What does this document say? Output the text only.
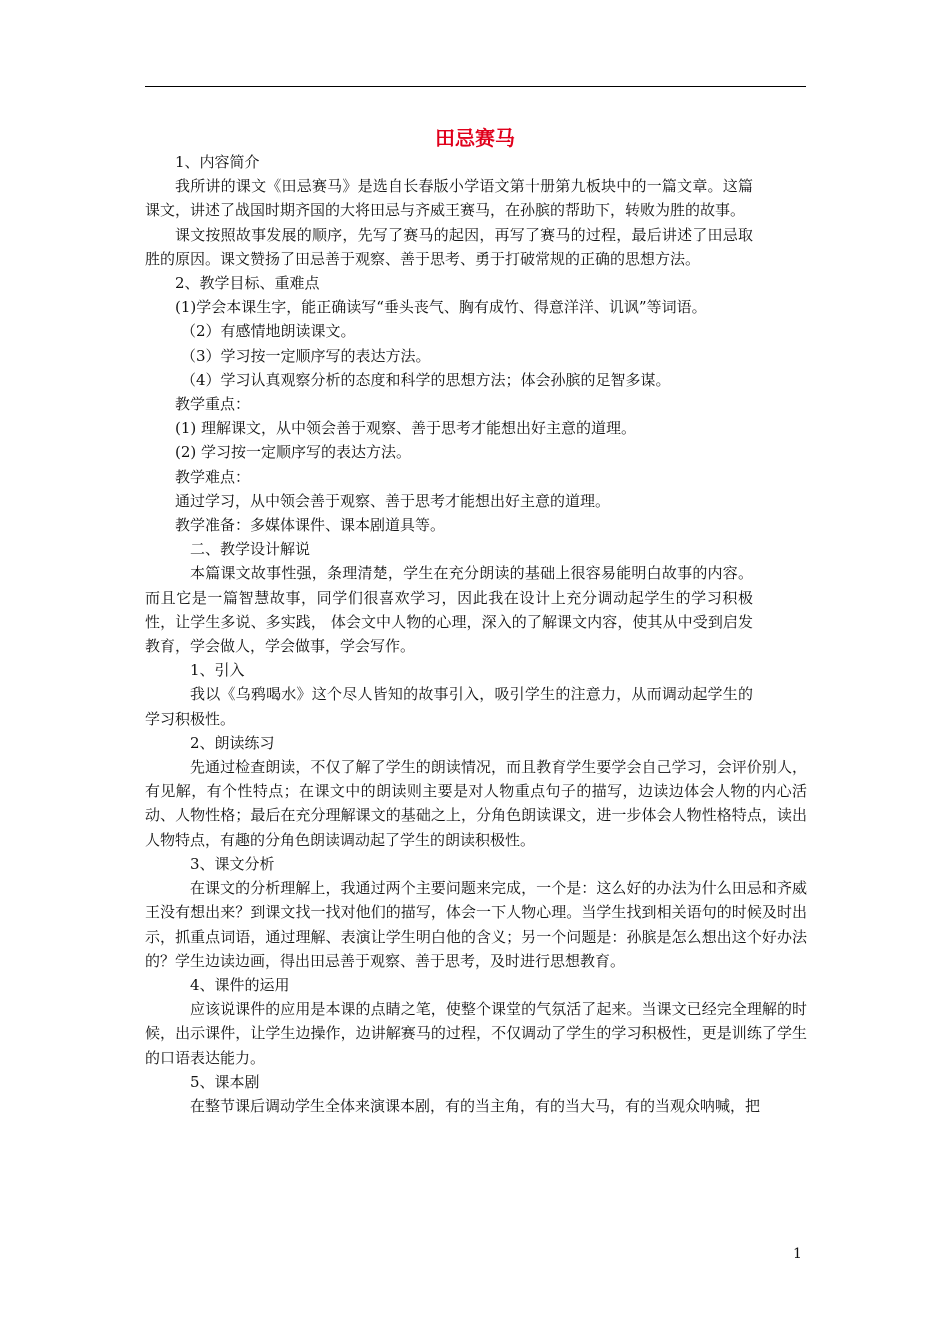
田忌赛马

1、内容简介

我所讲的课文《田忌赛马》是选自长春版小学语文第十册第九板块中的一篇文章。这篇课文，讲述了战国时期齐国的大将田忌与齐威王赛马，在孙膑的帮助下，转败为胜的故事。

课文按照故事发展的顺序，先写了赛马的起因，再写了赛马的过程，最后讲述了田忌取胜的原因。课文赞扬了田忌善于观察、善于思考、勇于打破常规的正确的思想方法。

2、教学目标、重难点

(1)学会本课生字，能正确读写“垂头丧气、胸有成竹、得意洋洋、讥讽”等词语。

（2）有感情地朗读课文。

（3）学习按一定顺序写的表达方法。

（4）学习认真观察分析的态度和科学的思想方法；体会孙膑的足智多谋。

教学重点：

(1) 理解课文，从中领会善于观察、善于思考才能想出好主意的道理。

(2) 学习按一定顺序写的表达方法。

教学难点：

通过学习，从中领会善于观察、善于思考才能想出好主意的道理。

教学准备：多媒体课件、课本剧道具等。

二、教学设计解说

本篇课文故事性强，条理清楚，学生在充分朗读的基础上很容易能明白故事的内容。而且它是一篇智慧故事，同学们很喜欢学习，因此我在设计上充分调动起学生的学习积极性，让学生多说、多实践， 体会文中人物的心理，深入的了解课文内容，使其从中受到启发教育，学会做人，学会做事，学会写作。

1、引入

我以《乌鸦喝水》这个尽人皆知的故事引入，吸引学生的注意力，从而调动起学生的学习积极性。

2、朗读练习

先通过检查朗读，不仅了解了学生的朗读情况，而且教育学生要学会自己学习，会评价别人，有见解，有个性特点；在课文中的朗读则主要是对人物重点句子的描写，边读边体会人物的内心活动、人物性格；最后在充分理解课文的基础之上，分角色朗读课文，进一步体会人物性格特点，读出人物特点，有趣的分角色朗读调动起了学生的朗读积极性。

3、课文分析

在课文的分析理解上，我通过两个主要问题来完成，一个是：这么好的办法为什么田忌和齐威王没有想出来？到课文找一找对他们的描写，体会一下人物心理。当学生找到相关语句的时候及时出示，抓重点词语，通过理解、表演让学生明白他的含义；另一个问题是：孙膑是怎么想出这个好办法的？学生边读边画，得出田忌善于观察、善于思考，及时进行思想教育。

4、课件的运用

应该说课件的应用是本课的点睛之笔，使整个课堂的气氛活了起来。当课文已经完全理解的时候，出示课件，让学生边操作，边讲解赛马的过程，不仅调动了学生的学习积极性，更是训练了学生的口语表达能力。

5、课本剧

在整节课后调动学生全体来演课本剧，有的当主角，有的当大马，有的当观众呐喊，把

1
